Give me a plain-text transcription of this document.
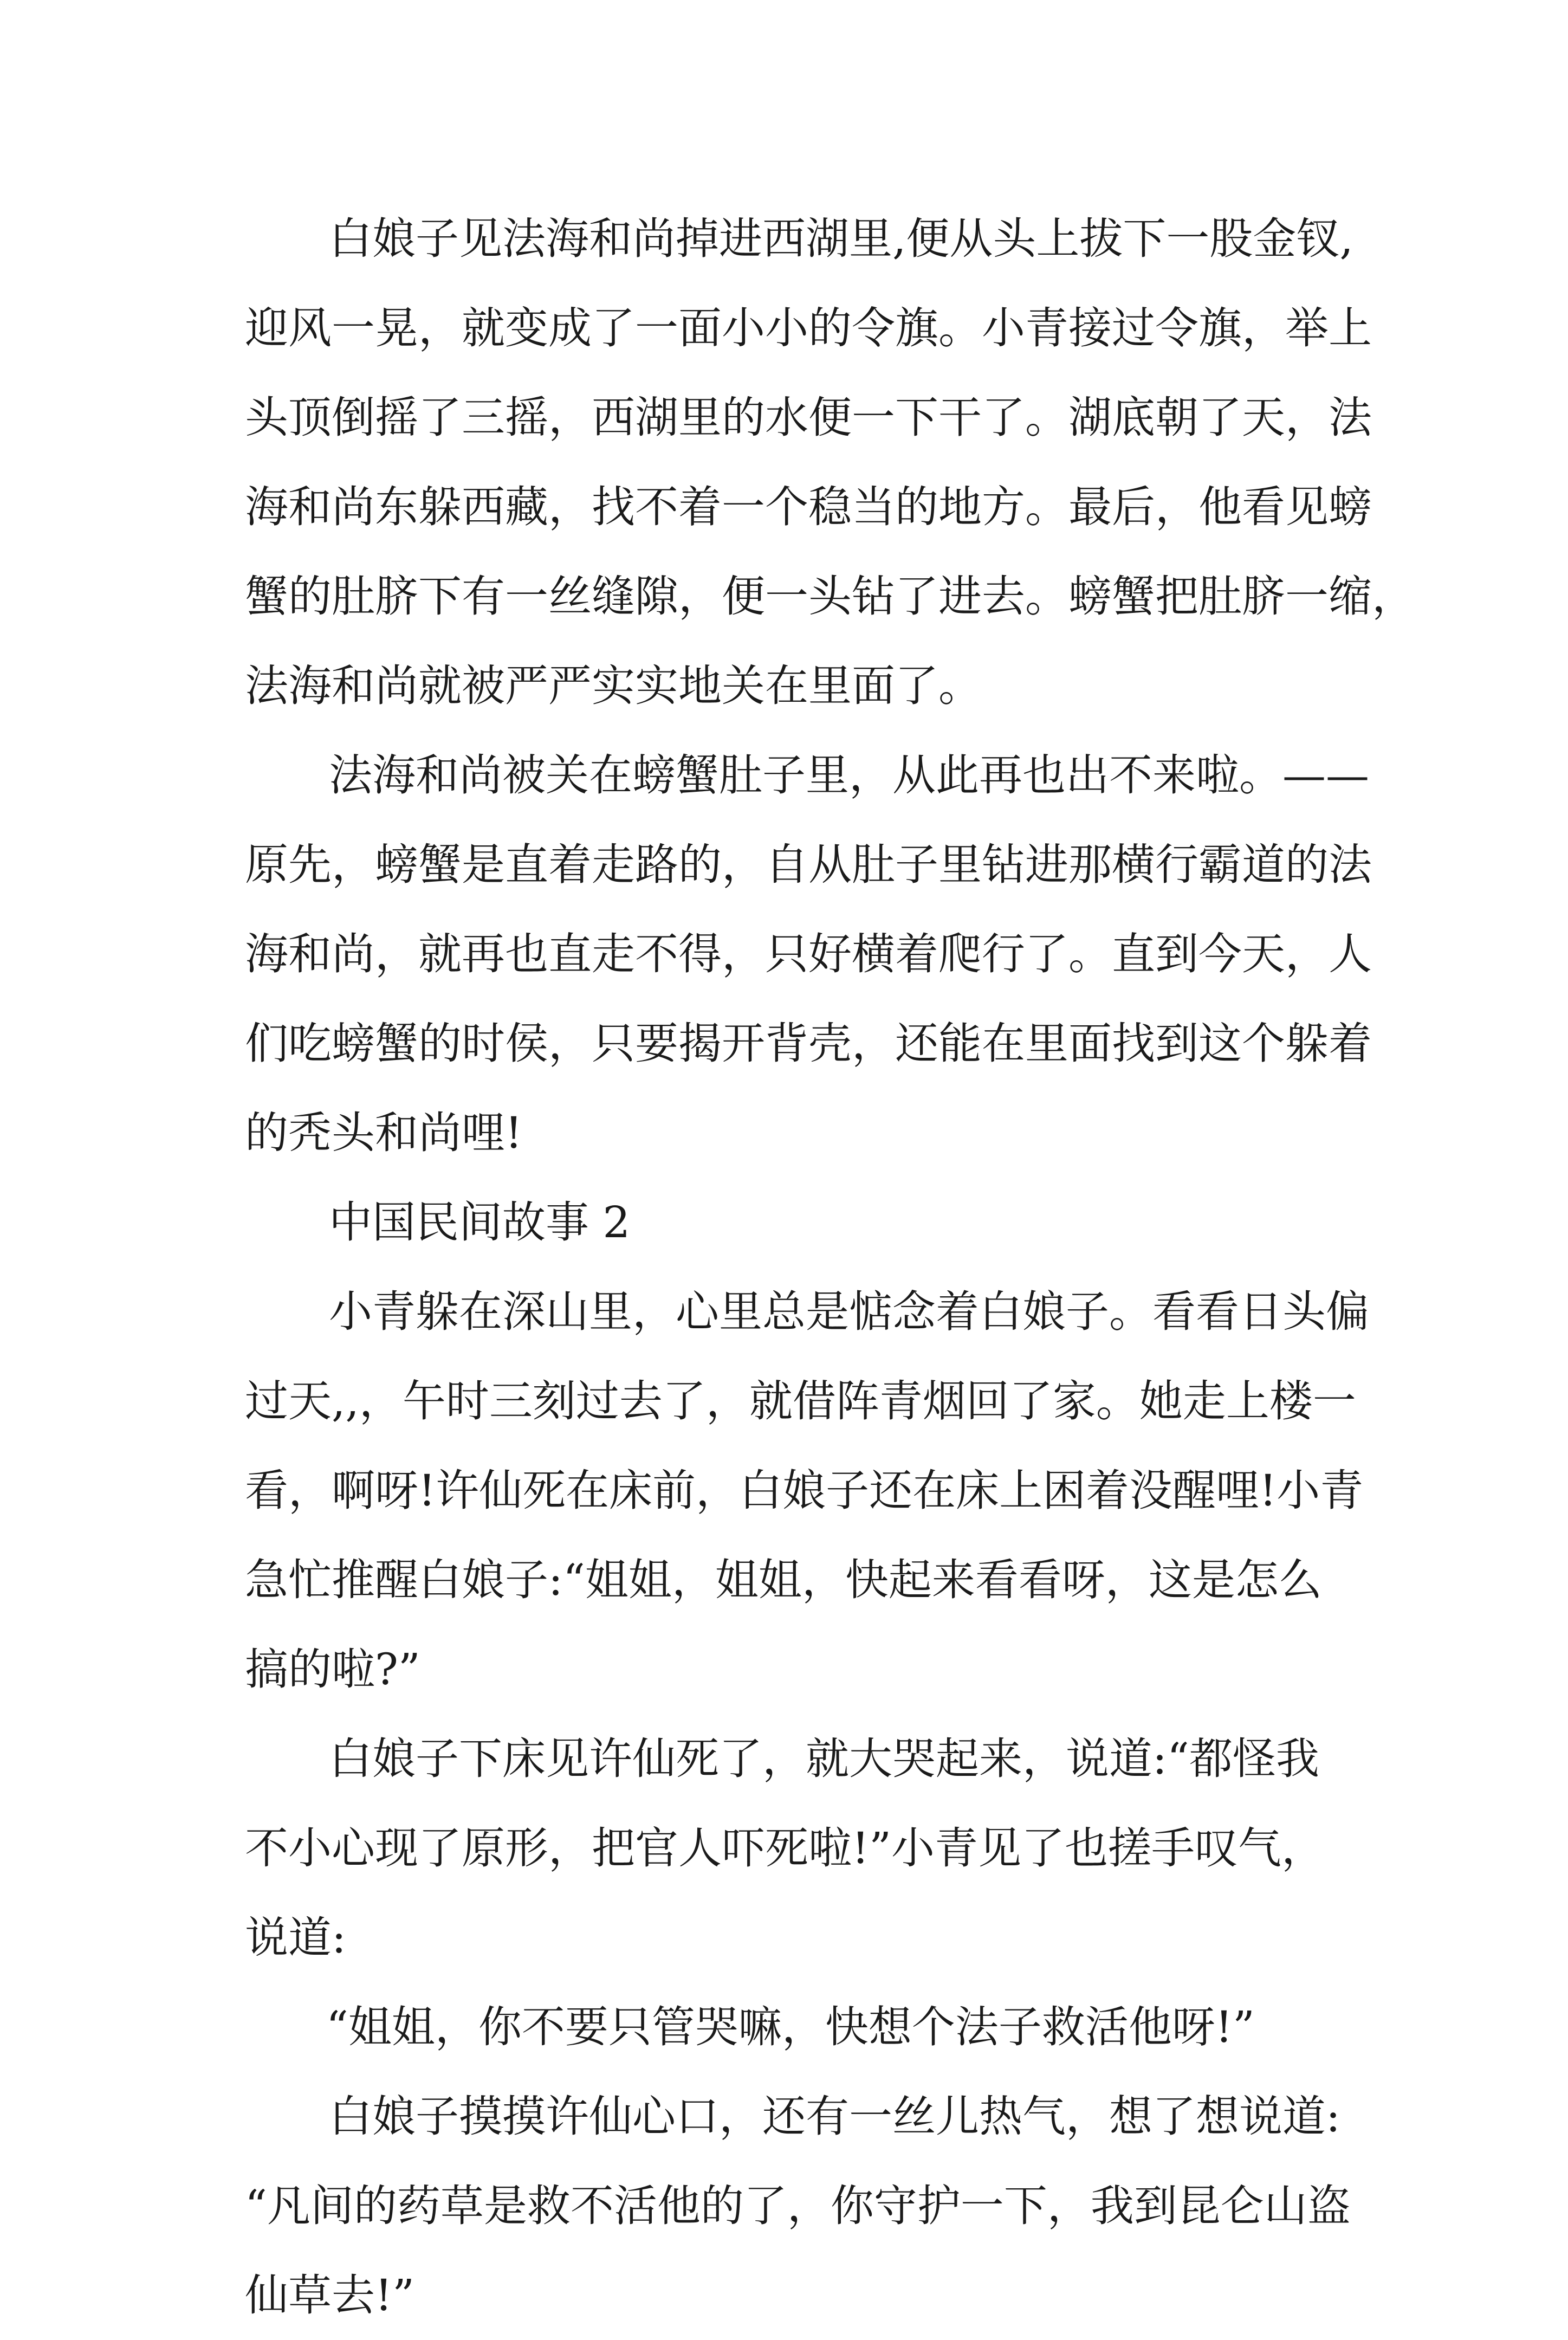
白娘子见法海和尚掉进西湖里,便从头上拔下一股金钗,
迎风一晃，就变成了一面小小的令旗。小青接过令旗，举上
头顶倒摇了三摇，西湖里的水便一下干了。湖底朝了天，法
海和尚东躲西藏，找不着一个稳当的地方。最后，他看见螃
蟹的肚脐下有一丝缝隙，便一头钻了进去。螃蟹把肚脐一缩，
法海和尚就被严严实实地关在里面了。
法海和尚被关在螃蟹肚子里，从此再也出不来啦。——
原先，螃蟹是直着走路的，自从肚子里钻进那横行霸道的法
海和尚，就再也直走不得，只好横着爬行了。直到今天，人
们吃螃蟹的时侯，只要揭开背壳，还能在里面找到这个躲着
的秃头和尚哩!
中国民间故事 2
小青躲在深山里，心里总是惦念着白娘子。看看日头偏
过天,,，午时三刻过去了，就借阵青烟回了家。她走上楼一
看，啊呀!许仙死在床前，白娘子还在床上困着没醒哩!小青
急忙推醒白娘子:“姐姐，姐姐，快起来看看呀，这是怎么
搞的啦?”
白娘子下床见许仙死了，就大哭起来，说道:“都怪我
不小心现了原形，把官人吓死啦!”小青见了也搓手叹气，
说道:
“姐姐，你不要只管哭嘛，快想个法子救活他呀!”
白娘子摸摸许仙心口，还有一丝儿热气，想了想说道:
“凡间的药草是救不活他的了，你守护一下，我到昆仑山盗
仙草去!”
